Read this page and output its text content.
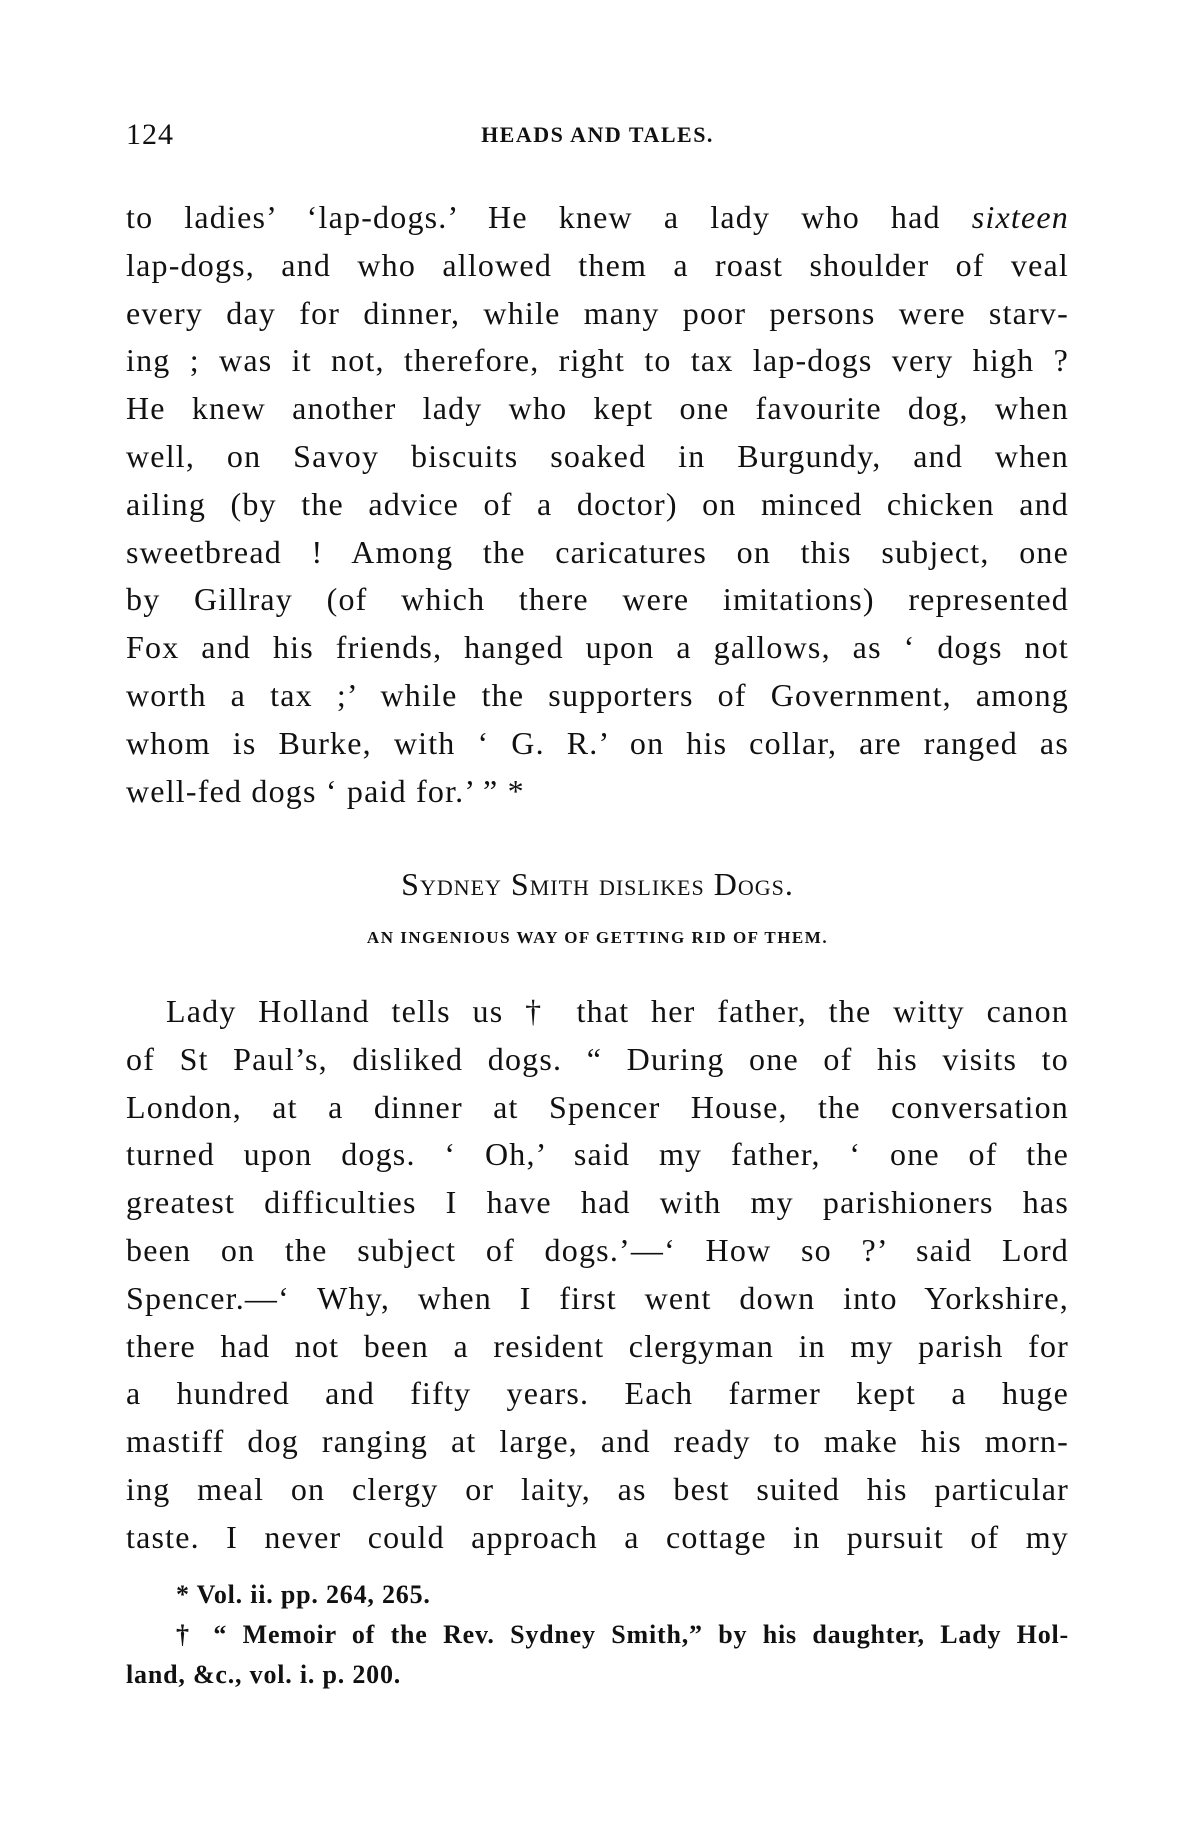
124	HEADS AND TALES.
to ladies’ ‘lap-dogs.’ He knew a lady who had sixteen
lap-dogs, and who allowed them a roast shoulder of veal
every day for dinner, while many poor persons were starv-
ing ; was it not, therefore, right to tax lap-dogs very high ?
He knew another lady who kept one favourite dog, when
well, on Savoy biscuits soaked in Burgundy, and when
ailing (by the advice of a doctor) on minced chicken and
sweetbread ! Among the caricatures on this subject, one
by Gillray (of which there were imitations) represented
Fox and his friends, hanged upon a gallows, as ‘ dogs not
worth a tax ;’ while the supporters of Government, among
whom is Burke, with ‘ G. R.’ on his collar, are ranged as
well-fed dogs ‘ paid for.’ ” *
Sydney Smith dislikes Dogs.
AN INGENIOUS WAY OF GETTING RID OF THEM.
Lady Holland tells us † that her father, the witty canon
of St Paul’s, disliked dogs. “ During one of his visits to
London, at a dinner at Spencer House, the conversation
turned upon dogs. ‘ Oh,’ said my father, ‘ one of the
greatest difficulties I have had with my parishioners has
been on the subject of dogs.’—‘ How so ?’ said Lord
Spencer.—‘ Why, when I first went down into Yorkshire,
there had not been a resident clergyman in my parish for
a hundred and fifty years. Each farmer kept a huge
mastiff dog ranging at large, and ready to make his morn-
ing meal on clergy or laity, as best suited his particular
taste. I never could approach a cottage in pursuit of my
* Vol. ii. pp. 264, 265.
† “ Memoir of the Rev. Sydney Smith,” by his daughter, Lady Hol-
land, &c., vol. i. p. 200.
